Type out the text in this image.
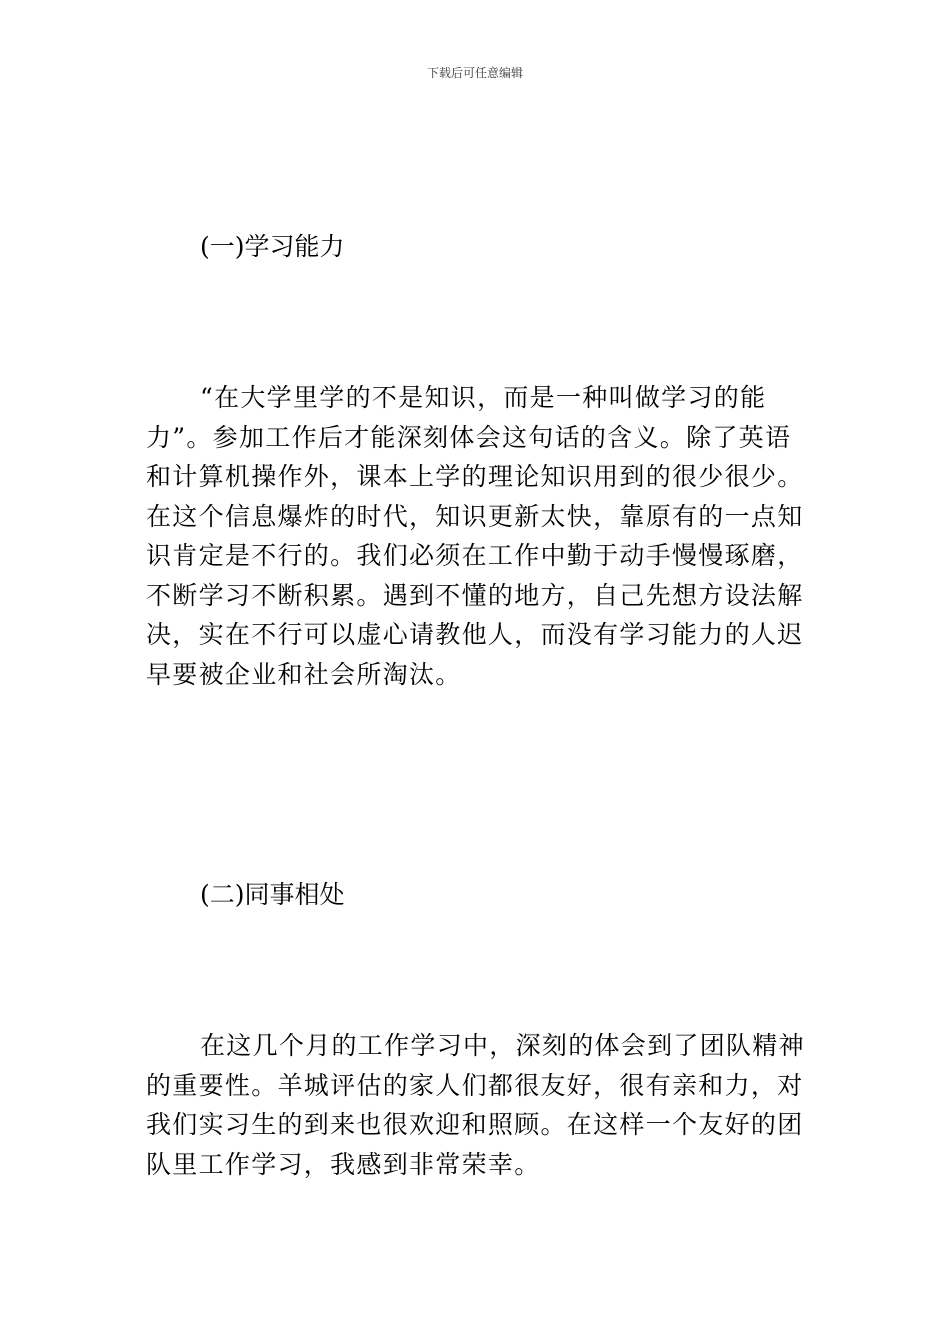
下载后可任意编辑
(一)学习能力
“在大学里学的不是知识，而是一种叫做学习的能
力”。参加工作后才能深刻体会这句话的含义。除了英语
和计算机操作外，课本上学的理论知识用到的很少很少。
在这个信息爆炸的时代，知识更新太快，靠原有的一点知
识肯定是不行的。我们必须在工作中勤于动手慢慢琢磨，
不断学习不断积累。遇到不懂的地方，自己先想方设法解
决，实在不行可以虚心请教他人，而没有学习能力的人迟
早要被企业和社会所淘汰。
(二)同事相处
在这几个月的工作学习中，深刻的体会到了团队精神
的重要性。羊城评估的家人们都很友好，很有亲和力，对
我们实习生的到来也很欢迎和照顾。在这样一个友好的团
队里工作学习，我感到非常荣幸。
